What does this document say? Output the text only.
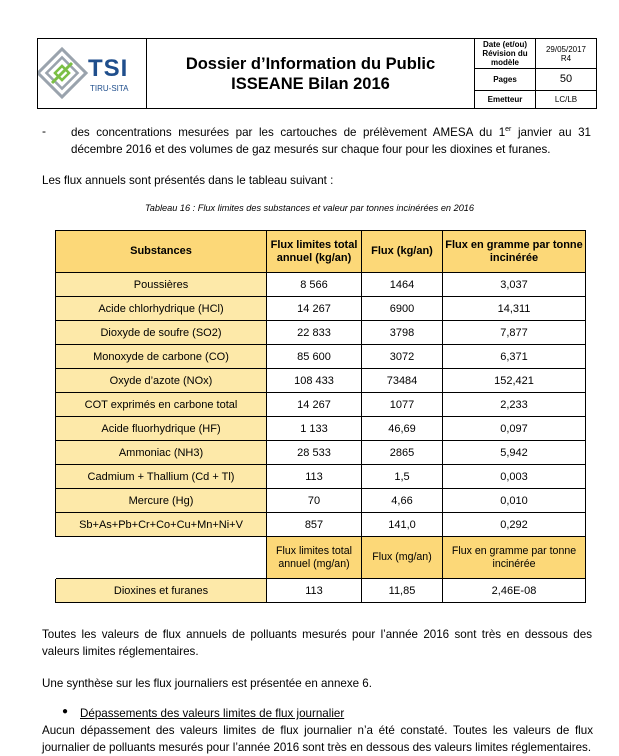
TSI
TIRU-SITA
Dossier d’Information du Public
ISSEANE Bilan 2016
Date (et/ou) Révision du modèle
29/05/2017
R4
Pages	50
Emetteur	LC/LB
- des concentrations mesurées par les cartouches de prélèvement AMESA du 1er janvier au 31 décembre 2016 et des volumes de gaz mesurés sur chaque four pour les dioxines et furanes.
Les flux annuels sont présentés dans le tableau suivant :
Tableau 16 : Flux limites des substances et valeur par tonnes incinérées en 2016
Substances	Flux limites total annuel (kg/an)	Flux (kg/an)	Flux en gramme par tonne incinérée
Poussières	8 566	1464	3,037
Acide chlorhydrique (HCl)	14 267	6900	14,311
Dioxyde de soufre (SO2)	22 833	3798	7,877
Monoxyde de carbone (CO)	85 600	3072	6,371
Oxyde d’azote (NOx)	108 433	73484	152,421
COT exprimés en carbone total	14 267	1077	2,233
Acide fluorhydrique (HF)	1 133	46,69	0,097
Ammoniac (NH3)	28 533	2865	5,942
Cadmium + Thallium (Cd + Tl)	113	1,5	0,003
Mercure (Hg)	70	4,66	0,010
Sb+As+Pb+Cr+Co+Cu+Mn+Ni+V	857	141,0	0,292
	Flux limites total annuel (mg/an)	Flux (mg/an)	Flux en gramme par tonne incinérée
Dioxines et furanes	113	11,85	2,46E-08
Toutes les valeurs de flux annuels de polluants mesurés pour l’année 2016 sont très en dessous des valeurs limites réglementaires.
Une synthèse sur les flux journaliers est présentée en annexe 6.
● Dépassements des valeurs limites de flux journalier
Aucun dépassement des valeurs limites de flux journalier n’a été constaté. Toutes les valeurs de flux journalier de polluants mesurés pour l’année 2016 sont très en dessous des valeurs limites réglementaires.
